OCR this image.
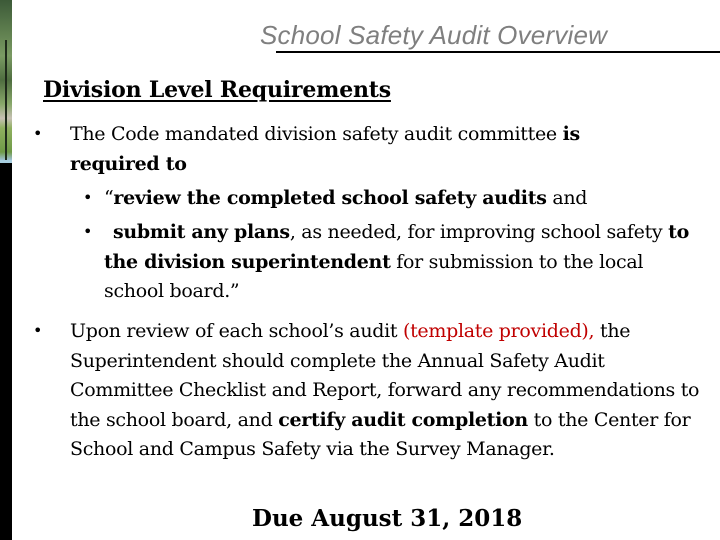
School Safety Audit Overview
Division Level Requirements
• The Code mandated division safety audit committee is
required to
• “review the completed school safety audits and
•	submit any plans, as needed, for improving school safety to the division superintendent for submission to the local school board.”
• Upon review of each school’s audit (template provided), the Superintendent should complete the Annual Safety Audit Committee Checklist and Report, forward any recommendations to the school board, and certify audit completion to the Center for School and Campus Safety via the Survey Manager.
Due August 31, 2018
